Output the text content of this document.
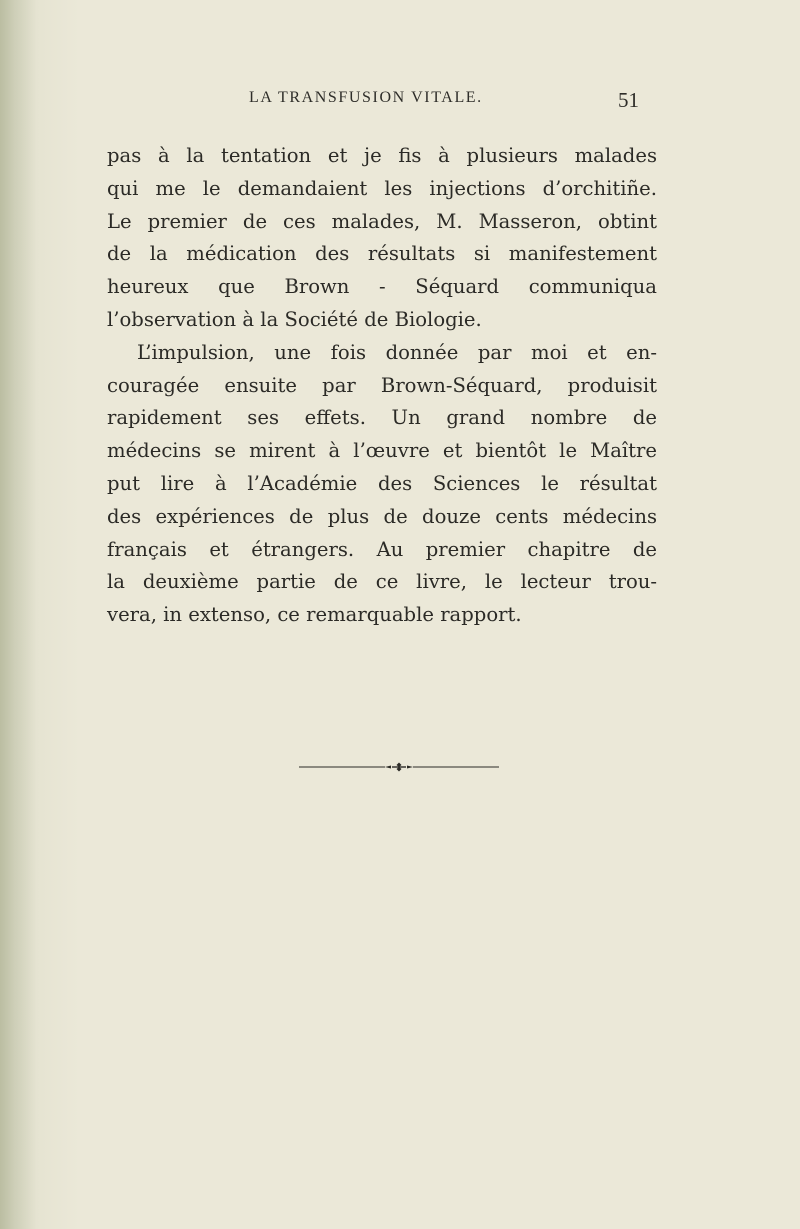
LA TRANSFUSION VITALE.	51
pas à la tentation et je fis à plusieurs malades
qui me le demandaient les injections d’orchitiñe.
Le premier de ces malades, M. Masseron, obtint
de la médication des résultats si manifestement
heureux que Brown - Séquard communiqua
l’observation à la Société de Biologie.
L’impulsion, une fois donnée par moi et en-
couragée ensuite par Brown-Séquard, produisit
rapidement ses effets. Un grand nombre de
médecins se mirent à l’œuvre et bientôt le Maître
put lire à l’Académie des Sciences le résultat
des expériences de plus de douze cents médecins
français et étrangers. Au premier chapitre de
la deuxième partie de ce livre, le lecteur trou-
vera, in extenso, ce remarquable rapport.
